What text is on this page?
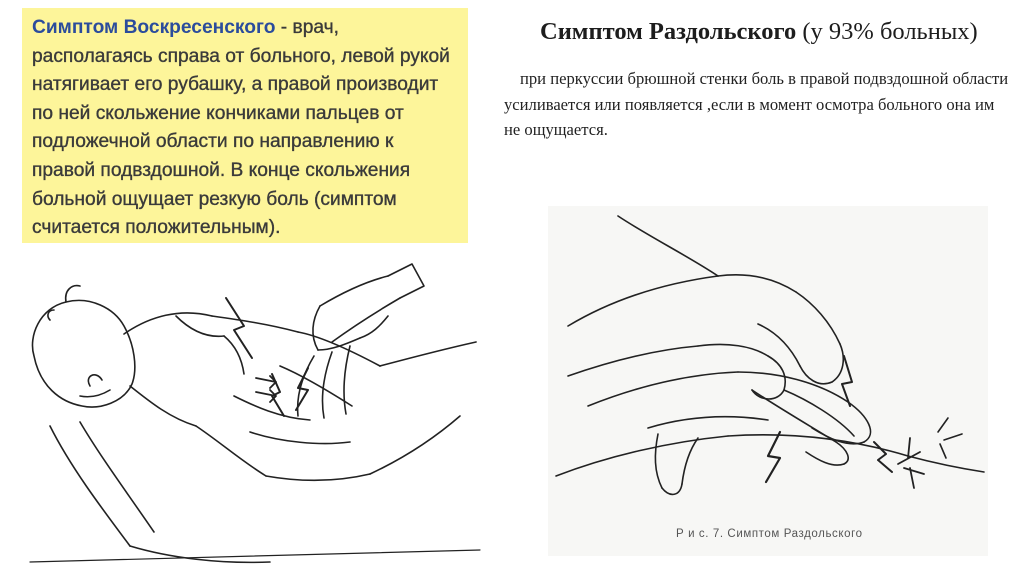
Симптом Воскресенского - врач, располагаясь справа от больного, левой рукой натягивает его рубашку, а правой производит по ней скольжение кончиками пальцев от подложечной области по направлению к правой подвздошной. В конце скольжения больной ощущает резкую боль (симптом считается положительным).
Симптом Раздольского (у 93% больных)
при перкуссии брюшной стенки боль в правой подвздошной области усиливается или появляется ,если в момент осмотра больного она им не ощущается.
Р и с. 7. Симптом Раздольского
